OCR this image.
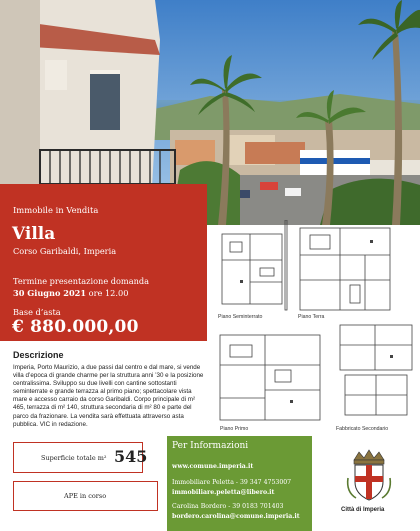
Immobile in Vendita
Villa
Corso Garibaldi, Imperia
Termine presentazione domanda
30 Giugno 2021 ore 12.00
Base d’asta
€ 880.000,00	Piano Seminterrato	Piano Terra
Piano Primo	Fabbricato Secondario
Descrizione
Imperia, Porto Maurizio, a due passi dal centro e dal mare, si vende villa d’epoca di grande charme per la struttura anni ’30 e la posizione centralissima. Sviluppo su due livelli con cantine sottostanti seminterrate e grande terrazza al primo piano; spettacolare vista mare e accesso carraio da corso Garibaldi. Corpo principale di m² 465, terrazza di m² 140, struttura secondaria di m² 80 e parte del parco da frazionare. La vendita sarà effettuata attraverso asta pubblica. VIC in redazione.
Superficie totale m² 545
APE in corso
Per Informazioni
www.comune.imperia.it
Immobiliare Peletta - 39 347 4753007
immobiliare.peletta@libero.it
Carolina Bordero - 39 0183 701403
bordero.carolina@comune.imperia.it
Città di Imperia
